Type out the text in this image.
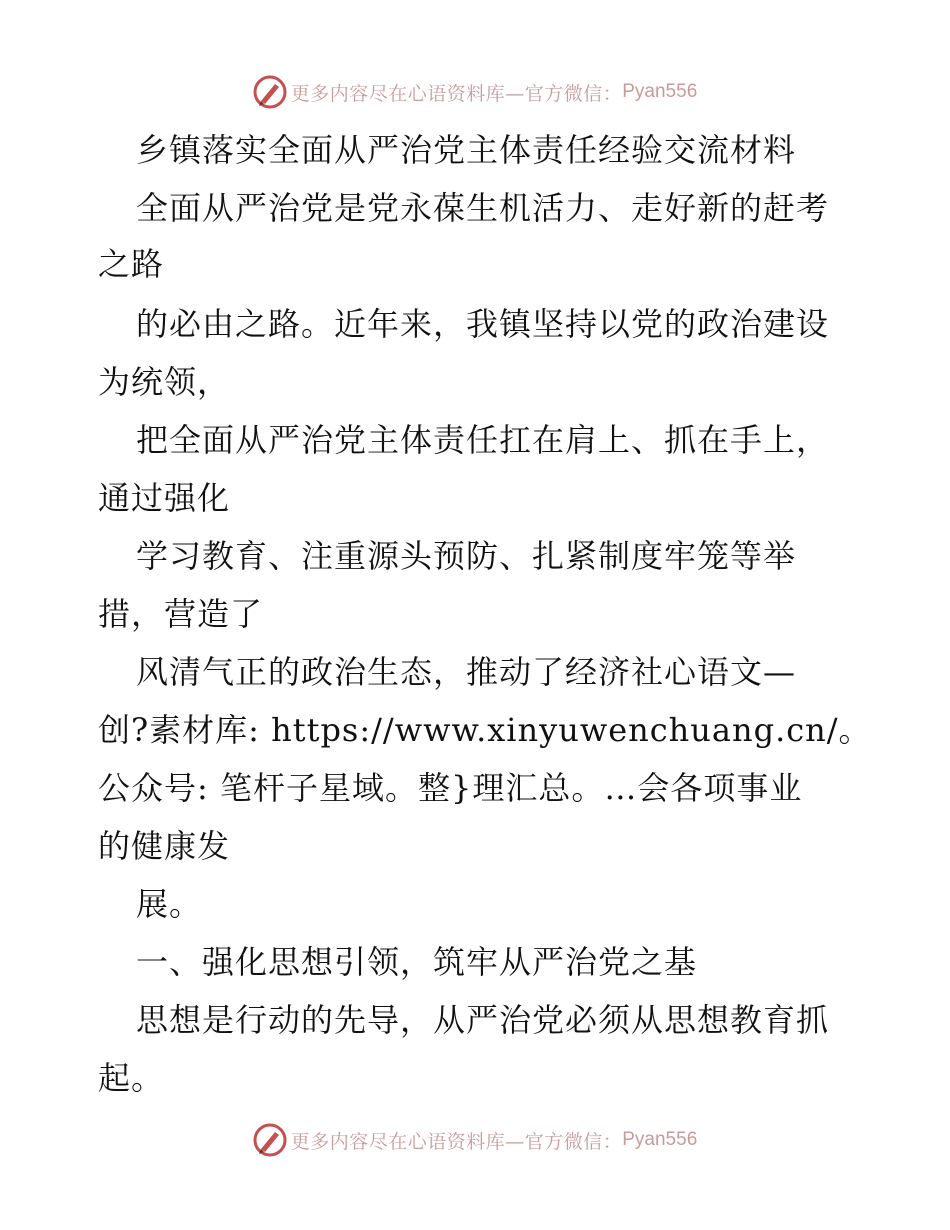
更多内容尽在心语资料库—官方微信： Pyan556
乡镇落实全面从严治党主体责任经验交流材料
全面从严治党是党永葆生机活力、走好新的赶考
之路
的必由之路。近年来，我镇坚持以党的政治建设
为统领，
把全面从严治党主体责任扛在肩上、抓在手上，
通过强化
学习教育、注重源头预防、扎紧制度牢笼等举
措，营造了
风清气正的政治生态，推动了经济社心语文—
创?素材库: https://www.xinyuwenchuang.cn/。
公众号: 笔杆子星域。整}理汇总。…会各项事业
的健康发
展。
一、强化思想引领，筑牢从严治党之基
思想是行动的先导，从严治党必须从思想教育抓
起。
更多内容尽在心语资料库—官方微信： Pyan556
